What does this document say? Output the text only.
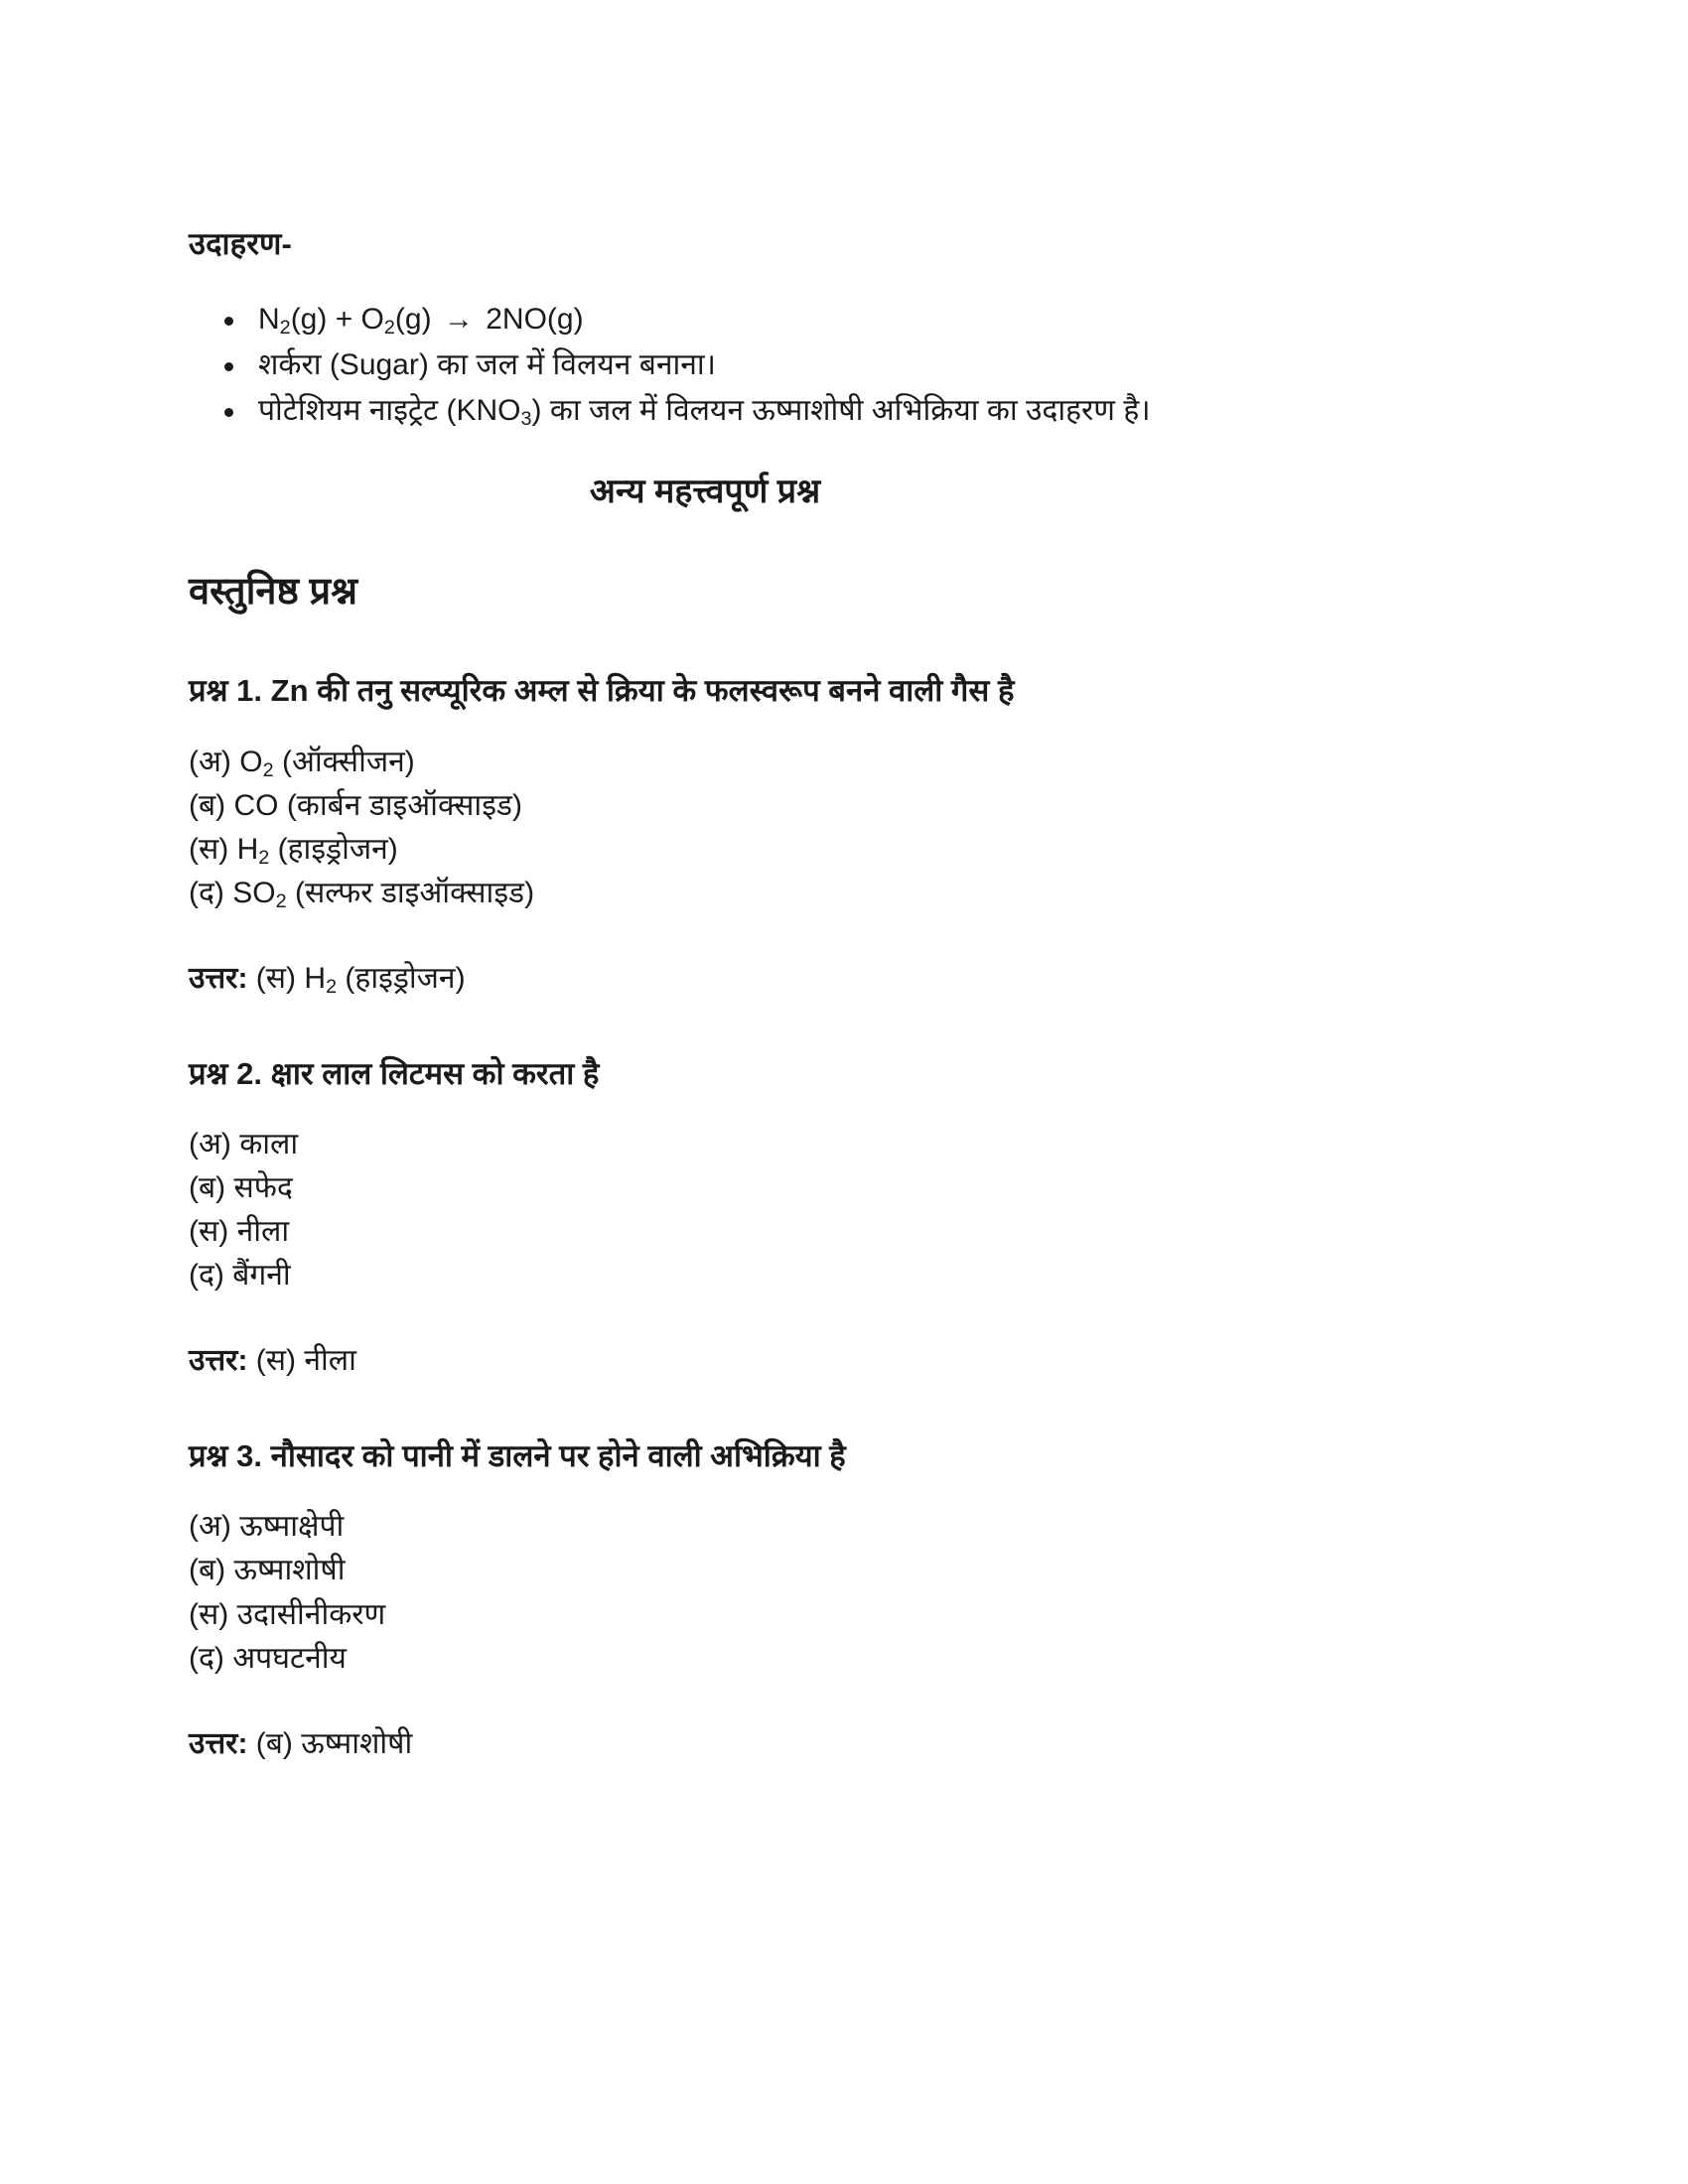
उदाहरण-
$N_2(g) + O_2(g) \to 2NO(g)$
शर्करा (Sugar) का जल में विलयन बनाना।
पोटेशियम नाइट्रेट $(KNO_3)$ का जल में विलयन ऊष्माशोषी अभिक्रिया का उदाहरण है।
अन्य महत्त्वपूर्ण प्रश्न
वस्तुनिष्ठ प्रश्न
प्रश्न 1. Zn की तनु सल्प्यूरिक अम्ल से क्रिया के फलस्वरूप बनने वाली गैस है
(अ) $O_2$ (ऑक्सीजन)
(ब) CO (कार्बन डाइऑक्साइड)
(स) $H_2$ (हाइड्रोजन)
(द) $SO_2$ (सल्फर डाइऑक्साइड)
उत्तर: (स) $H_2$ (हाइड्रोजन)
प्रश्न 2. क्षार लाल लिटमस को करता है
(अ) काला
(ब) सफेद
(स) नीला
(द) बैंगनी
उत्तर: (स) नीला
प्रश्न 3. नौसादर को पानी में डालने पर होने वाली अभिक्रिया है
(अ) ऊष्माक्षेपी
(ब) ऊष्माशोषी
(स) उदासीनीकरण
(द) अपघटनीय
उत्तर: (ब) ऊष्माशोषी
